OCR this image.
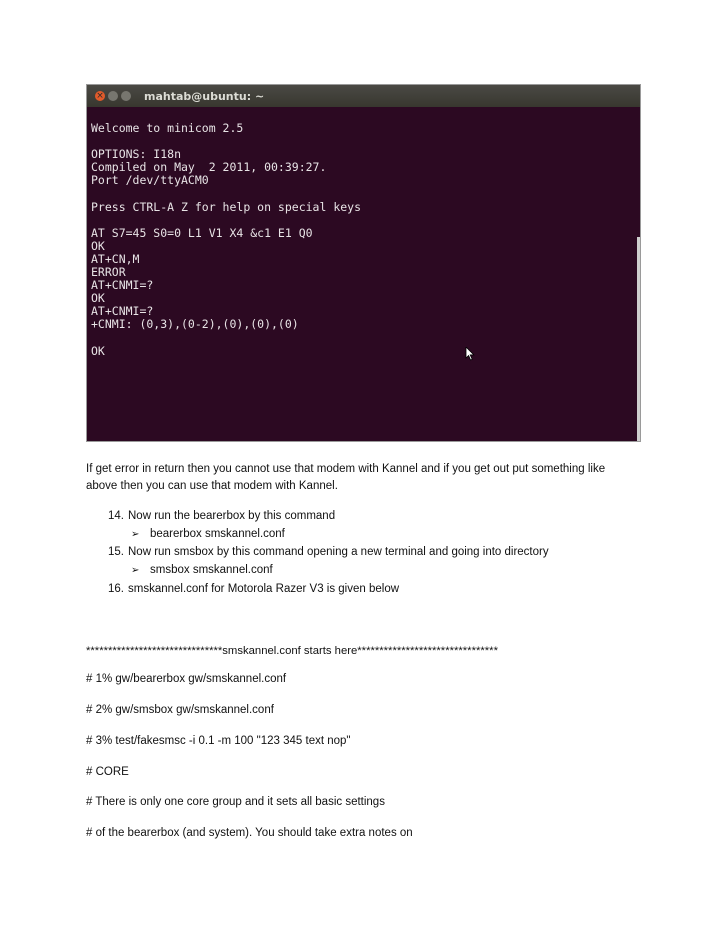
×	mahtab@ubuntu: ~
Welcome to minicom 2.5
OPTIONS: I18n
Compiled on May  2 2011, 00:39:27.
Port /dev/ttyACM0
Press CTRL-A Z for help on special keys
AT S7=45 S0=0 L1 V1 X4 &c1 E1 Q0
OK
AT+CN,M
ERROR
AT+CNMI=?
OK
AT+CNMI=?
+CNMI: (0,3),(0-2),(0),(0),(0)
OK
If get error in return then you cannot use that modem with Kannel and if you get out put something like
above then you can use that modem with Kannel.
14. Now run the bearerbox by this command
➢ bearerbox smskannel.conf
15. Now run smsbox by this command opening a new terminal and going into directory
➢ smsbox smskannel.conf
16. smskannel.conf for Motorola Razer V3 is given below
*******************************smskannel.conf starts here********************************
# 1% gw/bearerbox gw/smskannel.conf
# 2% gw/smsbox gw/smskannel.conf
# 3% test/fakesmsc -i 0.1 -m 100 "123 345 text nop"
# CORE
# There is only one core group and it sets all basic settings
# of the bearerbox (and system). You should take extra notes on
